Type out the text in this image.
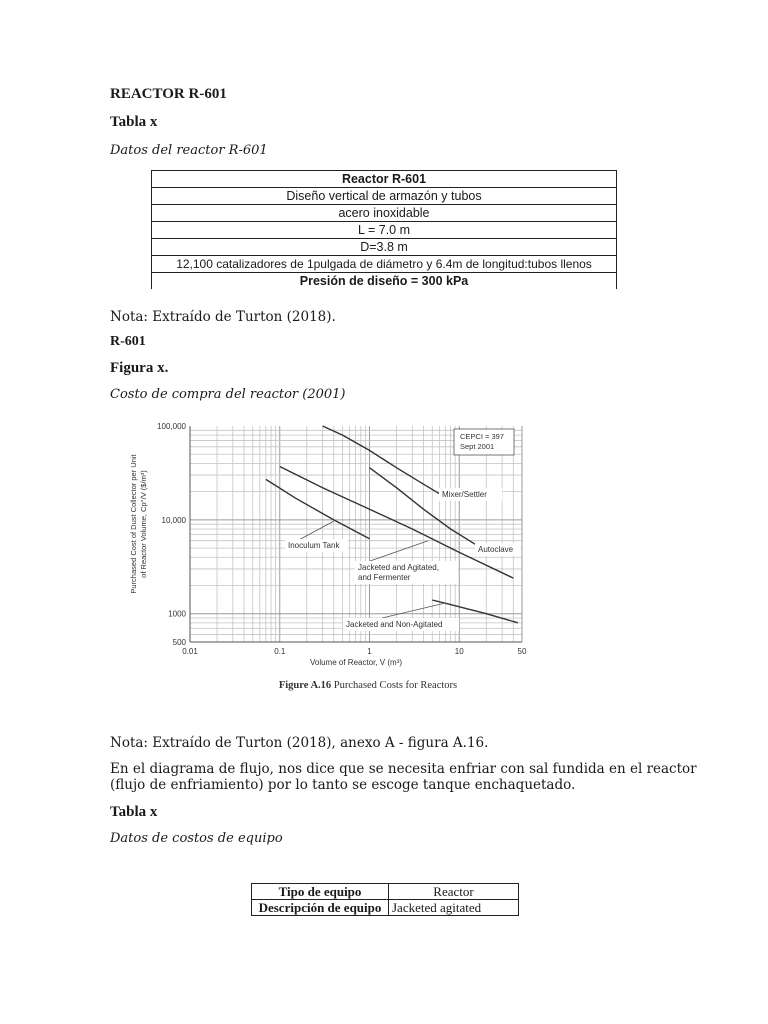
REACTOR R-601
Tabla x
Datos del reactor R-601
Reactor R-601
Diseño vertical de armazón y tubos
acero inoxidable
L = 7.0 m
D=3.8 m
12,100 catalizadores de 1pulgada de diámetro y 6.4m de longitud:tubos llenos
Presión de diseño = 300 kPa
Nota: Extraído de Turton (2018).
R-601
Figura x.
Costo de compra del reactor (2001)
0.01	0.1	1	10	50
500
1000
10,000
100,000
Volume of Reactor, V (m³)
Purchased Cost of Dust Collector per Unit of Reactor Volume, Cp°/V ($/m³)	Mixer/Settler
Autoclave
Inoculum Tank
Jacketed and Agitated,
and Fermenter
Jacketed and Non-Agitated
CEPCI = 397
Sept 2001
Figure A.16 Purchased Costs for Reactors
Nota: Extraído de Turton (2018), anexo A - figura A.16.
En el diagrama de flujo, nos dice que se necesita enfriar con sal fundida en el reactor
(flujo de enfriamiento) por lo tanto se escoge tanque enchaquetado.
Tabla x
Datos de costos de equipo
Tipo de equipo	Reactor
Descripción de equipo	Jacketed agitated
